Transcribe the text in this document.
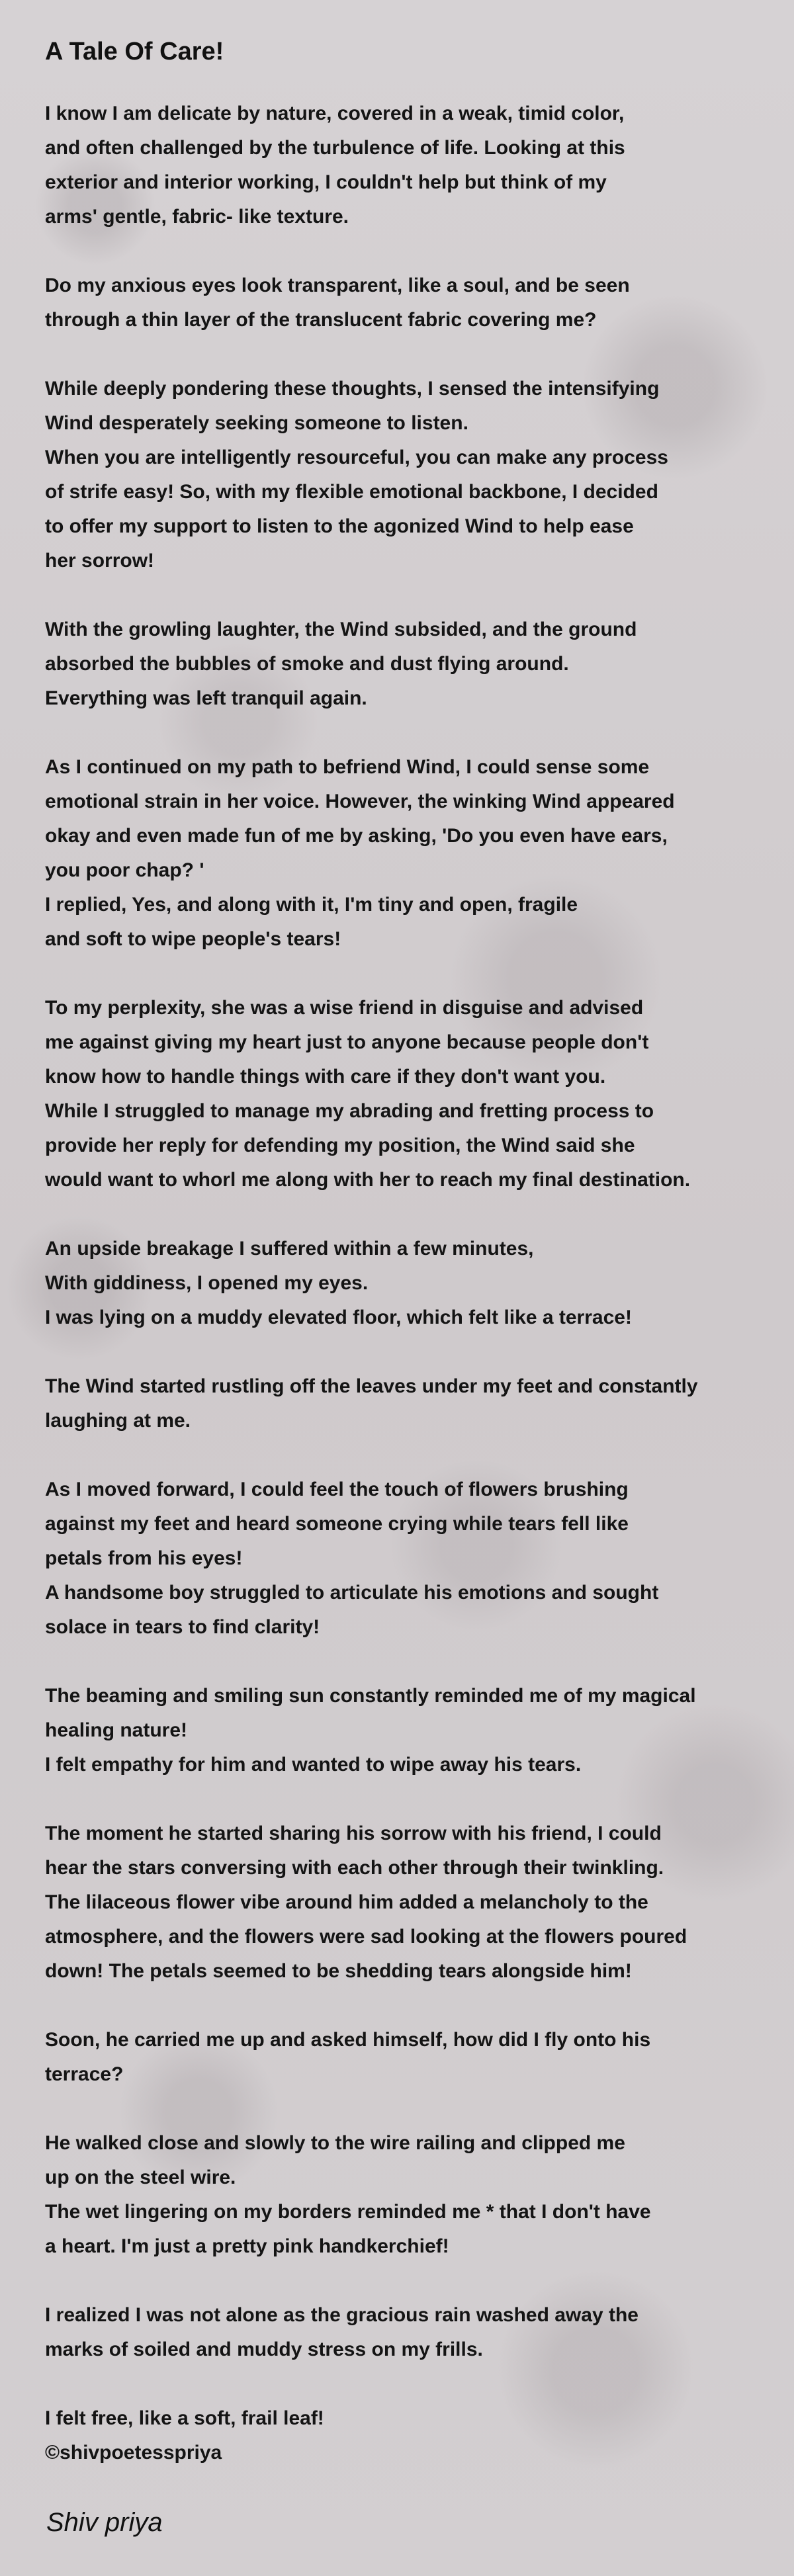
A Tale Of Care!
I know I am delicate by nature, covered in a weak, timid color,
and often challenged by the turbulence of life. Looking at this
exterior and interior working, I couldn't help but think of my
arms' gentle, fabric- like texture.
Do my anxious eyes look transparent, like a soul, and be seen
through a thin layer of the translucent fabric covering me?
While deeply pondering these thoughts, I sensed the intensifying
Wind desperately seeking someone to listen.
When you are intelligently resourceful, you can make any process
of strife easy! So, with my flexible emotional backbone, I decided
to offer my support to listen to the agonized Wind to help ease
her sorrow!
With the growling laughter, the Wind subsided, and the ground
absorbed the bubbles of smoke and dust flying around.
Everything was left tranquil again.
As I continued on my path to befriend Wind, I could sense some
emotional strain in her voice. However, the winking Wind appeared
okay and even made fun of me by asking, 'Do you even have ears,
you poor chap? '
I replied, Yes, and along with it, I'm tiny and open, fragile
and soft to wipe people's tears!
To my perplexity, she was a wise friend in disguise and advised
me against giving my heart just to anyone because people don't
know how to handle things with care if they don't want you.
While I struggled to manage my abrading and fretting process to
provide her reply for defending my position, the Wind said she
would want to whorl me along with her to reach my final destination.
An upside breakage I suffered within a few minutes,
With giddiness, I opened my eyes.
I was lying on a muddy elevated floor, which felt like a terrace!
The Wind started rustling off the leaves under my feet and constantly
laughing at me.
As I moved forward, I could feel the touch of flowers brushing
against my feet and heard someone crying while tears fell like
petals from his eyes!
A handsome boy struggled to articulate his emotions and sought
solace in tears to find clarity!
The beaming and smiling sun constantly reminded me of my magical
healing nature!
I felt empathy for him and wanted to wipe away his tears.
The moment he started sharing his sorrow with his friend, I could
hear the stars conversing with each other through their twinkling.
The lilaceous flower vibe around him added a melancholy to the
atmosphere, and the flowers were sad looking at the flowers poured
down! The petals seemed to be shedding tears alongside him!
Soon, he carried me up and asked himself, how did I fly onto his
terrace?
He walked close and slowly to the wire railing and clipped me
up on the steel wire.
The wet lingering on my borders reminded me * that I don't have
a heart. I'm just a pretty pink handkerchief!
I realized I was not alone as the gracious rain washed away the
marks of soiled and muddy stress on my frills.
I felt free, like a soft, frail leaf!
©shivpoetesspriya
Shiv priya
